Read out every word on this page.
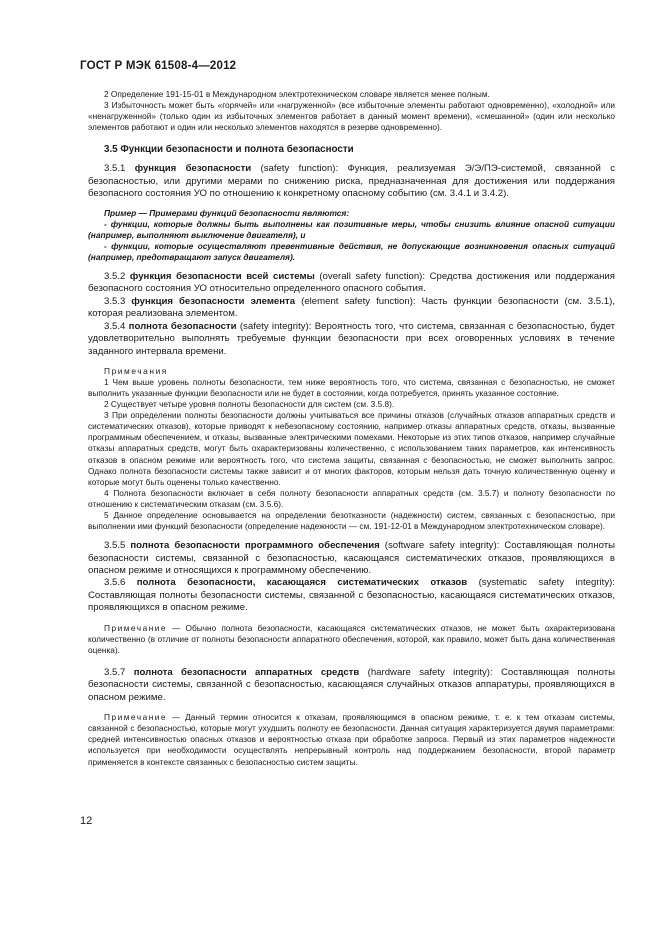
ГОСТ Р МЭК 61508-4—2012

2 Определение 191-15-01 в Международном электротехническом словаре является менее полным.

3 Избыточность может быть «горячей» или «нагруженной» (все избыточные элементы работают одновременно), «холодной» или «ненагруженной» (только один из избыточных элементов работает в данный момент времени), «смешанной» (один или несколько элементов работают и один или несколько элементов находятся в резерве одновременно).

3.5 Функции безопасности и полнота безопасности

3.5.1 функция безопасности (safety function): Функция, реализуемая Э/Э/ПЭ-системой, связанной с безопасностью, или другими мерами по снижению риска, предназначенная для достижения или поддержания безопасного состояния УО по отношению к конкретному опасному событию (см. 3.4.1 и 3.4.2).

Пример — Примерами функций безопасности являются:

- функции, которые должны быть выполнены как позитивные меры, чтобы снизить влияние опасной ситуации (например, выполняют выключение двигателя), и

- функции, которые осуществляют превентивные действия, не допускающие возникновения опасных ситуаций (например, предотвращают запуск двигателя).

3.5.2 функция безопасности всей системы (overall safety function): Средства достижения или поддержания безопасного состояния УО относительно определенного опасного события.

3.5.3 функция безопасности элемента (element safety function): Часть функции безопасности (см. 3.5.1), которая реализована элементом.

3.5.4 полнота безопасности (safety integrity): Вероятность того, что система, связанная с безопасностью, будет удовлетворительно выполнять требуемые функции безопасности при всех оговоренных условиях в течение заданного интервала времени.

Примечания

1 Чем выше уровень полноты безопасности, тем ниже вероятность того, что система, связанная с безопасностью, не сможет выполнить указанные функции безопасности или не будет в состоянии, когда потребуется, принять указанное состояние.

2 Существует четыре уровня полноты безопасности для систем (см. 3.5.8).

3 При определении полноты безопасности должны учитываться все причины отказов (случайных отказов аппаратных средств и систематических отказов), которые приводят к небезопасному состоянию, например отказы аппаратных средств, отказы, вызванные программным обеспечением, и отказы, вызванные электрическими помехами. Некоторые из этих типов отказов, например случайные отказы аппаратных средств, могут быть охарактеризованы количественно, с использованием таких параметров, как интенсивность отказов в опасном режиме или вероятность того, что система защиты, связанная с безопасностью, не сможет выполнить запрос. Однако полнота безопасности системы также зависит и от многих факторов, которым нельзя дать точную количественную оценку и которые могут быть оценены только качественно.

4 Полнота безопасности включает в себя полноту безопасности аппаратных средств (см. 3.5.7) и полноту безопасности по отношению к систематическим отказам (см. 3.5.6).

5 Данное определение основывается на определении безотказности (надежности) систем, связанных с безопасностью, при выполнении ими функций безопасности (определение надежности — см. 191-12-01 в Международном электротехническом словаре).

3.5.5 полнота безопасности программного обеспечения (software safety integrity): Составляющая полноты безопасности системы, связанной с безопасностью, касающаяся систематических отказов, проявляющихся в опасном режиме и относящихся к программному обеспечению.

3.5.6 полнота безопасности, касающаяся систематических отказов (systematic safety integrity): Составляющая полноты безопасности системы, связанной с безопасностью, касающаяся систематических отказов, проявляющихся в опасном режиме.

Примечание — Обычно полнота безопасности, касающаяся систематических отказов, не может быть охарактеризована количественно (в отличие от полноты безопасности аппаратного обеспечения, которой, как правило, может быть дана количественная оценка).

3.5.7 полнота безопасности аппаратных средств (hardware safety integrity): Составляющая полноты безопасности системы, связанной с безопасностью, касающаяся случайных отказов аппаратуры, проявляющихся в опасном режиме.

Примечание — Данный термин относится к отказам, проявляющимся в опасном режиме, т. е. к тем отказам системы, связанной с безопасностью, которые могут ухудшить полноту ее безопасности. Данная ситуация характеризуется двумя параметрами: средней интенсивностью опасных отказов и вероятностью отказа при обработке запроса. Первый из этих параметров надежности используется при необходимости осуществлять непрерывный контроль над поддержанием безопасности, второй параметр применяется в контексте связанных с безопасностью систем защиты.

12
